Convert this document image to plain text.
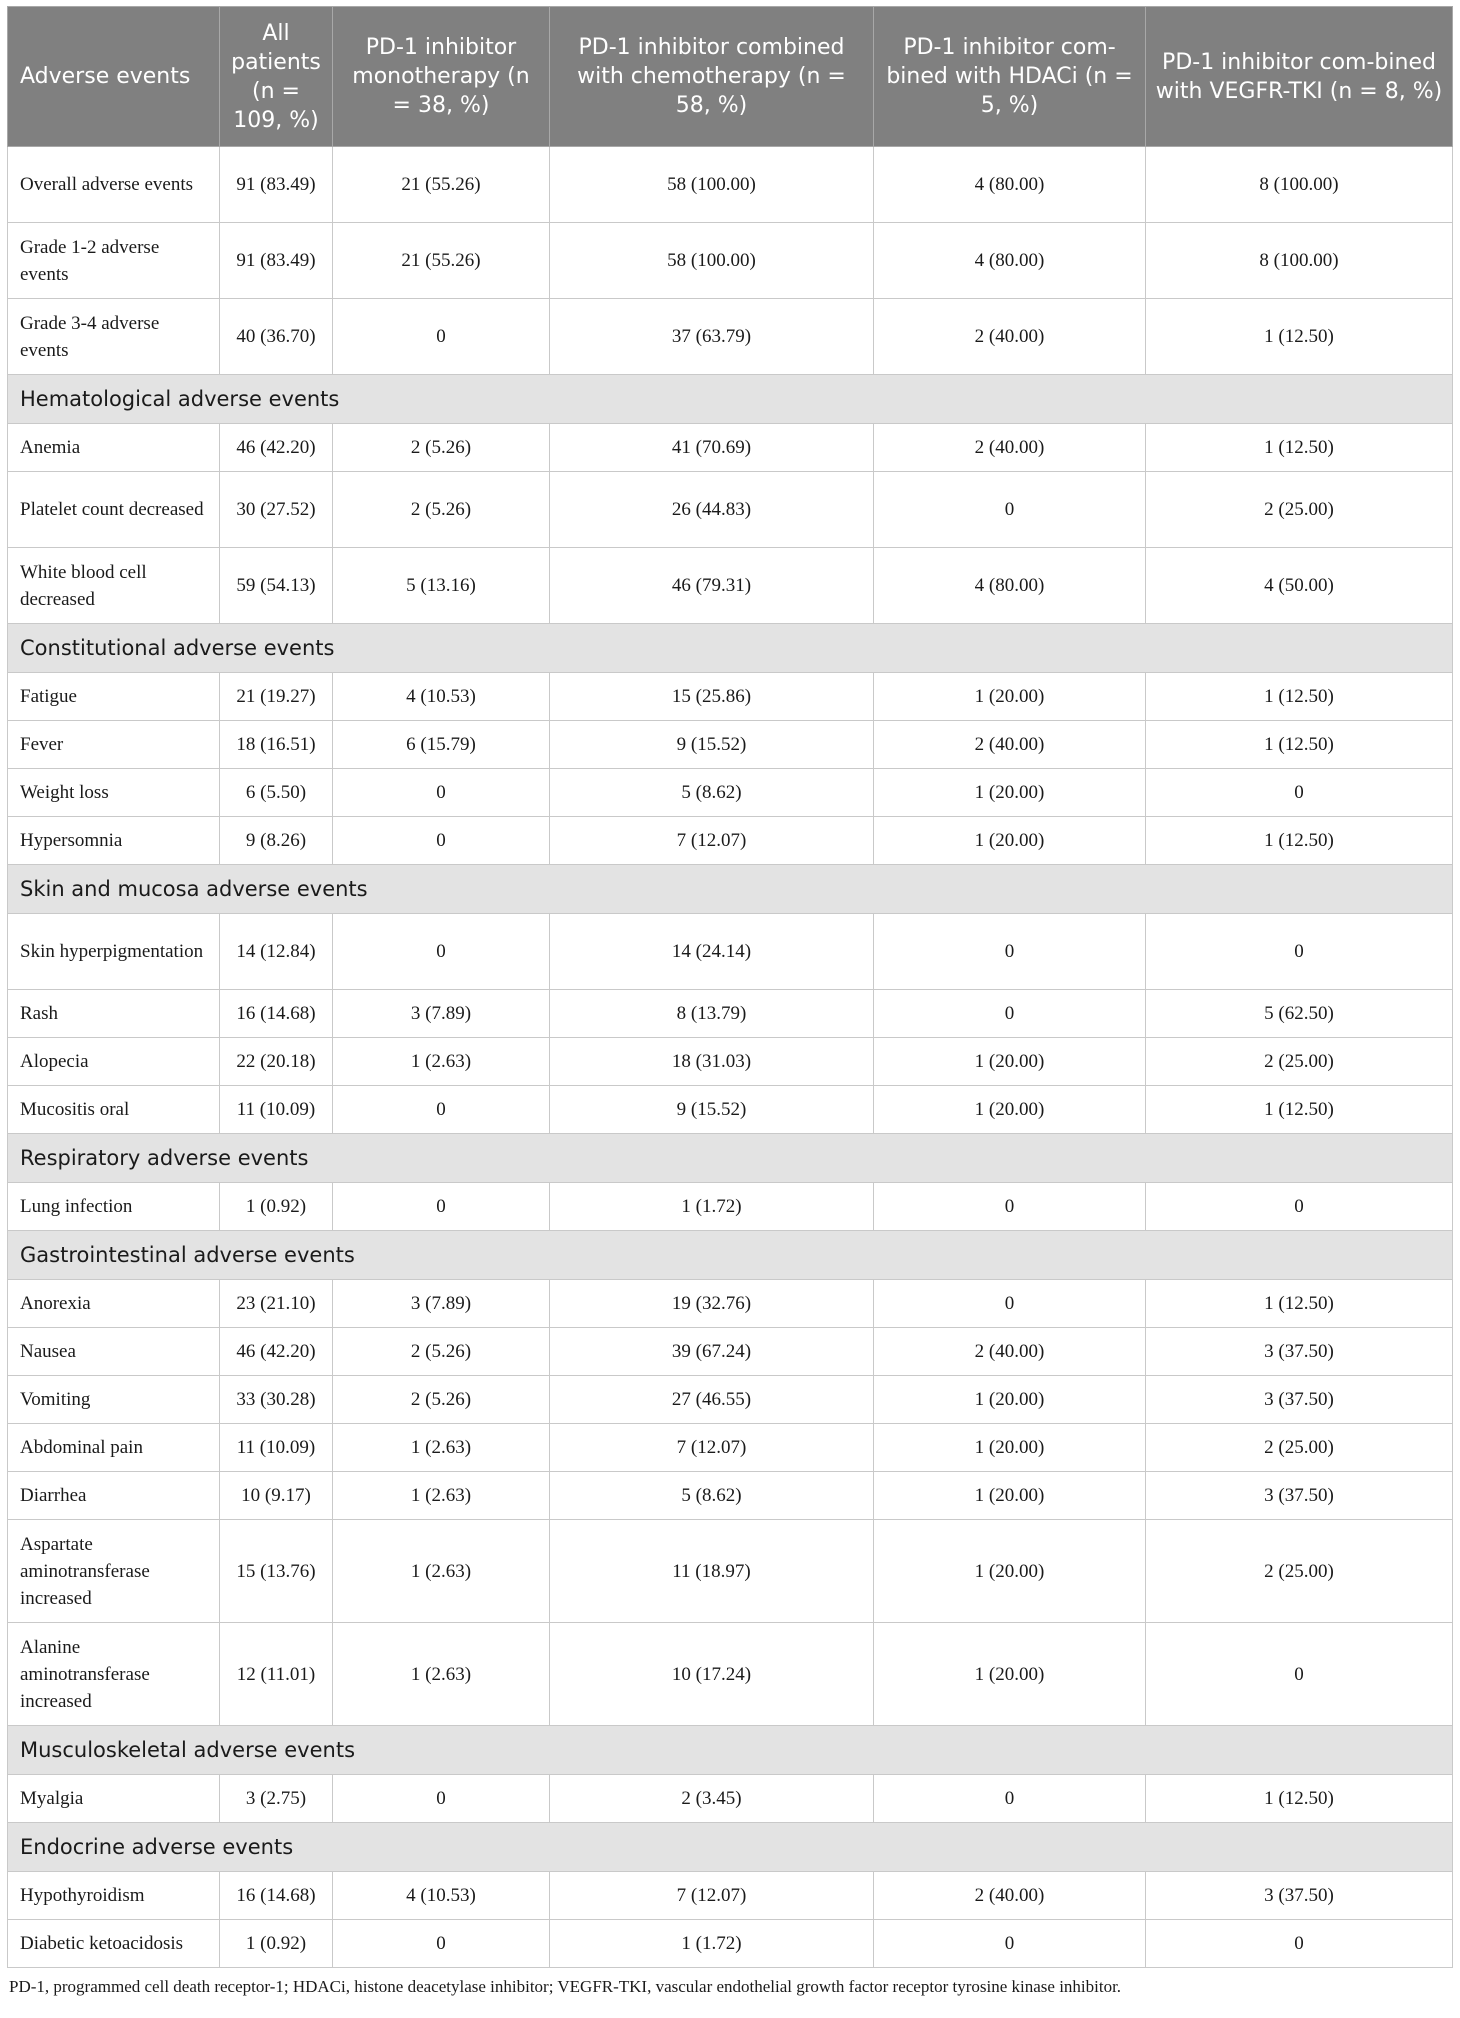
Adverse events	All patients (n = 109, %)	PD-1 inhibitor monotherapy (n = 38, %)	PD-1 inhibitor combined with chemotherapy (n = 58, %)	PD-1 inhibitor com-bined with HDACi (n = 5, %)	PD-1 inhibitor com-bined with VEGFR-TKI (n = 8, %)
Overall adverse events	91 (83.49)	21 (55.26)	58 (100.00)	4 (80.00)	8 (100.00)
Grade 1-2 adverse events	91 (83.49)	21 (55.26)	58 (100.00)	4 (80.00)	8 (100.00)
Grade 3-4 adverse events	40 (36.70)	0	37 (63.79)	2 (40.00)	1 (12.50)
Hematological adverse events					
Anemia	46 (42.20)	2 (5.26)	41 (70.69)	2 (40.00)	1 (12.50)
Platelet count decreased	30 (27.52)	2 (5.26)	26 (44.83)	0	2 (25.00)
White blood cell decreased	59 (54.13)	5 (13.16)	46 (79.31)	4 (80.00)	4 (50.00)
Constitutional adverse events					
Fatigue	21 (19.27)	4 (10.53)	15 (25.86)	1 (20.00)	1 (12.50)
Fever	18 (16.51)	6 (15.79)	9 (15.52)	2 (40.00)	1 (12.50)
Weight loss	6 (5.50)	0	5 (8.62)	1 (20.00)	0
Hypersomnia	9 (8.26)	0	7 (12.07)	1 (20.00)	1 (12.50)
Skin and mucosa adverse events					
Skin hyperpigmentation	14 (12.84)	0	14 (24.14)	0	0
Rash	16 (14.68)	3 (7.89)	8 (13.79)	0	5 (62.50)
Alopecia	22 (20.18)	1 (2.63)	18 (31.03)	1 (20.00)	2 (25.00)
Mucositis oral	11 (10.09)	0	9 (15.52)	1 (20.00)	1 (12.50)
Respiratory adverse events					
Lung infection	1 (0.92)	0	1 (1.72)	0	0
Gastrointestinal adverse events					
Anorexia	23 (21.10)	3 (7.89)	19 (32.76)	0	1 (12.50)
Nausea	46 (42.20)	2 (5.26)	39 (67.24)	2 (40.00)	3 (37.50)
Vomiting	33 (30.28)	2 (5.26)	27 (46.55)	1 (20.00)	3 (37.50)
Abdominal pain	11 (10.09)	1 (2.63)	7 (12.07)	1 (20.00)	2 (25.00)
Diarrhea	10 (9.17)	1 (2.63)	5 (8.62)	1 (20.00)	3 (37.50)
Aspartate aminotransferase increased	15 (13.76)	1 (2.63)	11 (18.97)	1 (20.00)	2 (25.00)
Alanine aminotransferase increased	12 (11.01)	1 (2.63)	10 (17.24)	1 (20.00)	0
Musculoskeletal adverse events					
Myalgia	3 (2.75)	0	2 (3.45)	0	1 (12.50)
Endocrine adverse events					
Hypothyroidism	16 (14.68)	4 (10.53)	7 (12.07)	2 (40.00)	3 (37.50)
Diabetic ketoacidosis	1 (0.92)	0	1 (1.72)	0	0
PD-1, programmed cell death receptor-1; HDACi, histone deacetylase inhibitor; VEGFR-TKI, vascular endothelial growth factor receptor tyrosine kinase inhibitor.
